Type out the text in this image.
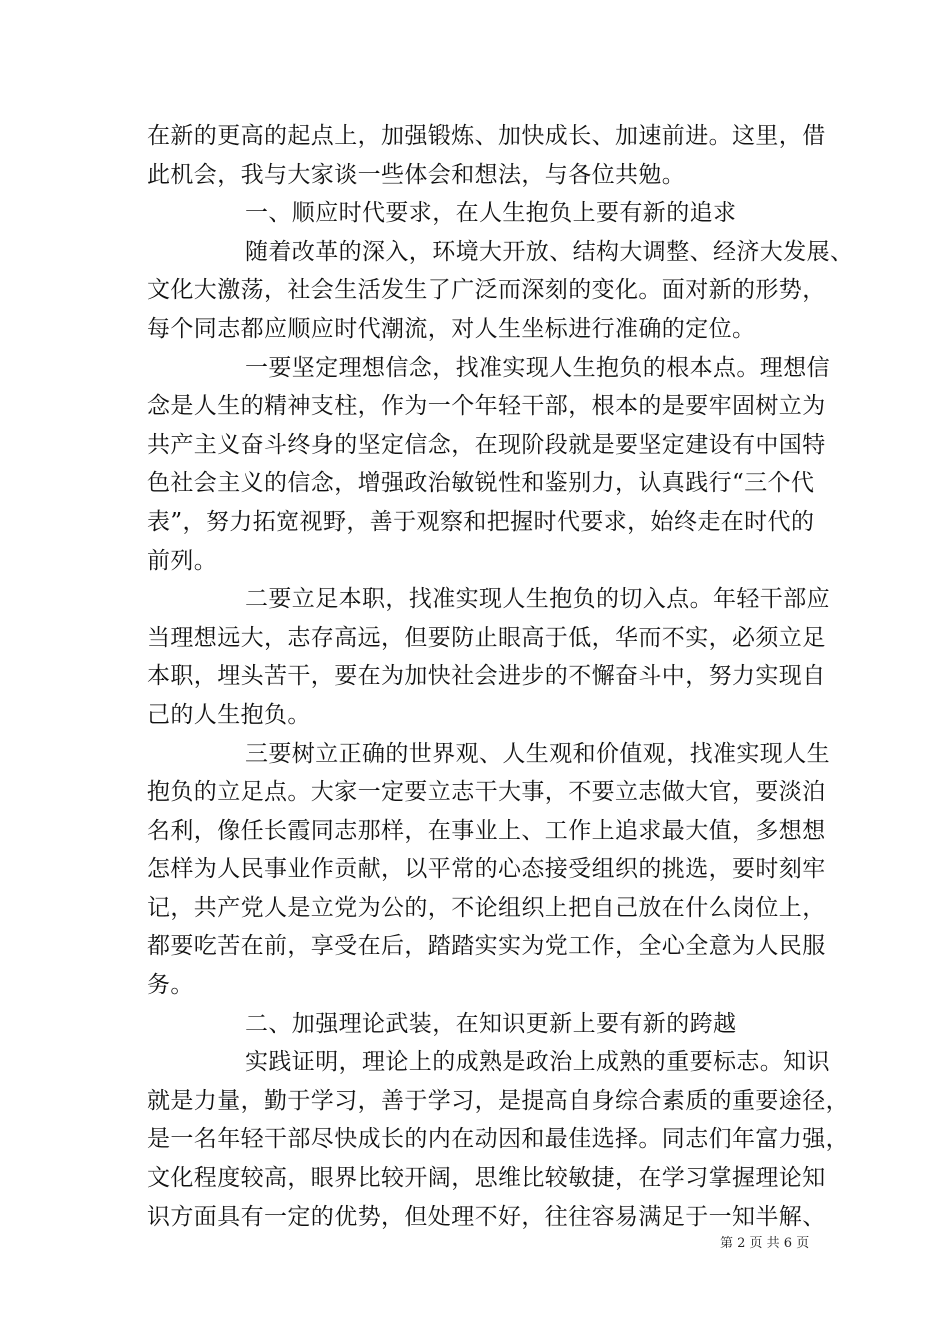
在新的更高的起点上，加强锻炼、加快成长、加速前进。这里，借
此机会，我与大家谈一些体会和想法，与各位共勉。
一、顺应时代要求，在人生抱负上要有新的追求
随着改革的深入，环境大开放、结构大调整、经济大发展、
文化大激荡，社会生活发生了广泛而深刻的变化。面对新的形势，
每个同志都应顺应时代潮流，对人生坐标进行准确的定位。
一要坚定理想信念，找准实现人生抱负的根本点。理想信
念是人生的精神支柱，作为一个年轻干部，根本的是要牢固树立为
共产主义奋斗终身的坚定信念，在现阶段就是要坚定建设有中国特
色社会主义的信念，增强政治敏锐性和鉴别力，认真践行“三个代
表”，努力拓宽视野，善于观察和把握时代要求，始终走在时代的
前列。
二要立足本职，找准实现人生抱负的切入点。年轻干部应
当理想远大，志存高远，但要防止眼高于低，华而不实，必须立足
本职，埋头苦干，要在为加快社会进步的不懈奋斗中，努力实现自
己的人生抱负。
三要树立正确的世界观、人生观和价值观，找准实现人生
抱负的立足点。大家一定要立志干大事，不要立志做大官，要淡泊
名利，像任长霞同志那样，在事业上、工作上追求最大值，多想想
怎样为人民事业作贡献，以平常的心态接受组织的挑选，要时刻牢
记，共产党人是立党为公的，不论组织上把自己放在什么岗位上，
都要吃苦在前，享受在后，踏踏实实为党工作，全心全意为人民服
务。
二、加强理论武装，在知识更新上要有新的跨越
实践证明，理论上的成熟是政治上成熟的重要标志。知识
就是力量，勤于学习，善于学习，是提高自身综合素质的重要途径，
是一名年轻干部尽快成长的内在动因和最佳选择。同志们年富力强，
文化程度较高，眼界比较开阔，思维比较敏捷，在学习掌握理论知
识方面具有一定的优势，但处理不好，往往容易满足于一知半解、
第 2 页 共 6 页
